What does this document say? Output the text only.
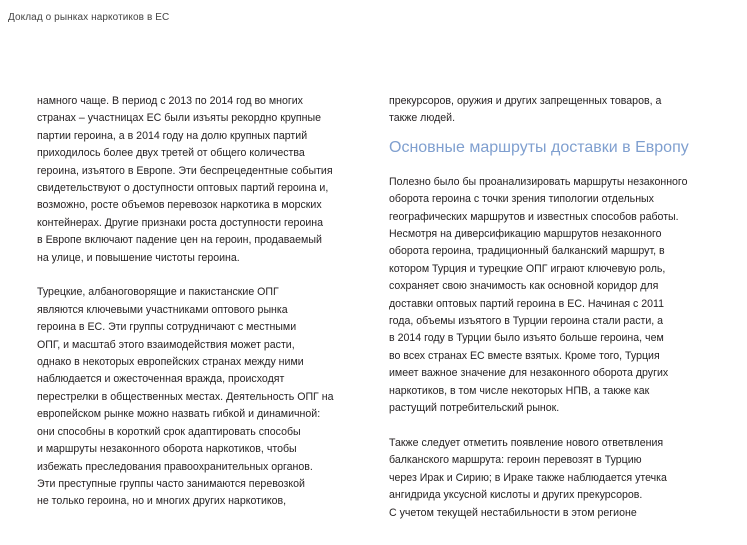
Доклад о рынках наркотиков в ЕС
намного чаще. В период с 2013 по 2014 год во многих
странах – участницах ЕС были изъяты рекордно крупные
партии героина, а в 2014 году на долю крупных партий
приходилось более двух третей от общего количества
героина, изъятого в Европе. Эти беспрецедентные события
свидетельствуют о доступности оптовых партий героина и,
возможно, росте объемов перевозок наркотика в морских
контейнерах. Другие признаки роста доступности героина
в Европе включают падение цен на героин, продаваемый
на улице, и повышение чистоты героина.
Турецкие, албаноговорящие и пакистанские ОПГ
являются ключевыми участниками оптового рынка
героина в ЕС. Эти группы сотрудничают с местными
ОПГ, и масштаб этого взаимодействия может расти,
однако в некоторых европейских странах между ними
наблюдается и ожесточенная вражда, происходят
перестрелки в общественных местах. Деятельность ОПГ на
европейском рынке можно назвать гибкой и динамичной:
они способны в короткий срок адаптировать способы
и маршруты незаконного оборота наркотиков, чтобы
избежать преследования правоохранительных органов.
Эти преступные группы часто занимаются перевозкой
не только героина, но и многих других наркотиков,
прекурсоров, оружия и других запрещенных товаров, а
также людей.
Основные маршруты доставки в Европу
Полезно было бы проанализировать маршруты незаконного
оборота героина с точки зрения типологии отдельных
географических маршрутов и известных способов работы.
Несмотря на диверсификацию маршрутов незаконного
оборота героина, традиционный балканский маршрут, в
котором Турция и турецкие ОПГ играют ключевую роль,
сохраняет свою значимость как основной коридор для
доставки оптовых партий героина в ЕС. Начиная с 2011
года, объемы изъятого в Турции героина стали расти, а
в 2014 году в Турции было изъято больше героина, чем
во всех странах ЕС вместе взятых. Кроме того, Турция
имеет важное значение для незаконного оборота других
наркотиков, в том числе некоторых НПВ, а также как
растущий потребительский рынок.
Также следует отметить появление нового ответвления
балканского маршрута: героин перевозят в Турцию
через Ирак и Сирию; в Ираке также наблюдается утечка
ангидрида уксусной кислоты и других прекурсоров.
С учетом текущей нестабильности в этом регионе
